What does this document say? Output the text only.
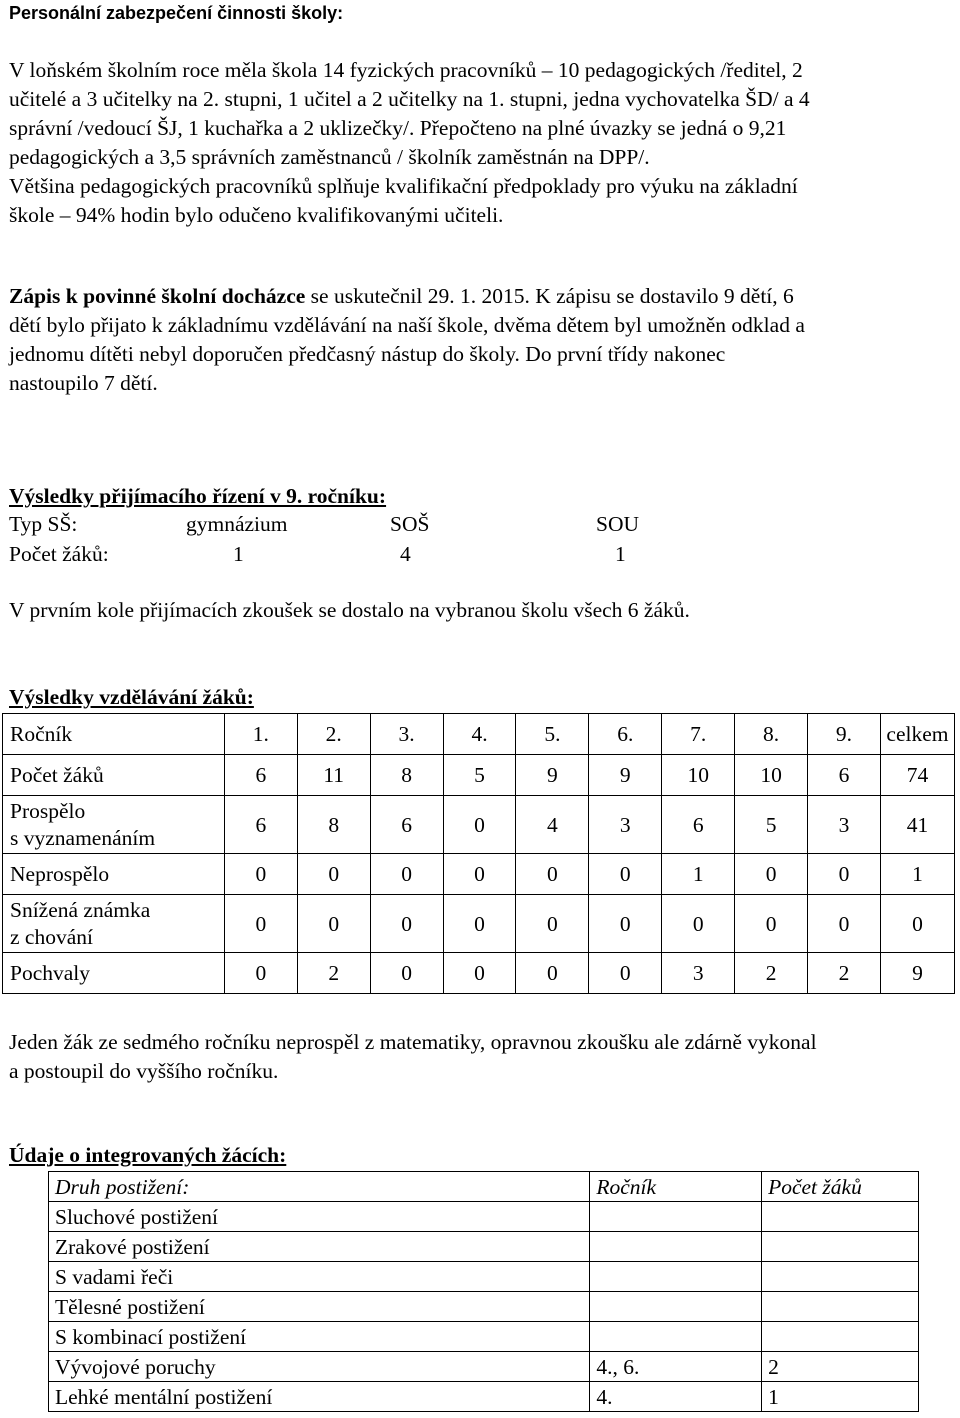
Personální zabezpečení činnosti školy:

V loňském školním roce měla škola 14 fyzických pracovníků – 10 pedagogických /ředitel, 2

učitelé a 3 učitelky na 2. stupni, 1 učitel a 2 učitelky na 1. stupni, jedna vychovatelka ŠD/ a 4

správní /vedoucí ŠJ, 1 kuchařka a 2 uklizečky/. Přepočteno na plné úvazky se jedná o 9,21

pedagogických a 3,5 správních zaměstnanců / školník zaměstnán na DPP/.

Většina pedagogických pracovníků splňuje kvalifikační předpoklady pro výuku na základní

škole – 94% hodin bylo odučeno kvalifikovanými učiteli.

Zápis k povinné školní docházce se uskutečnil 29. 1. 2015. K zápisu se dostavilo 9 dětí, 6

dětí bylo přijato k základnímu vzdělávání na naší škole, dvěma dětem byl umožněn odklad a

jednomu dítěti nebyl doporučen předčasný nástup do školy. Do první třídy nakonec

nastoupilo 7 dětí.

Výsledky přijímacího řízení v 9. ročníku:
Typ SŠ:	gymnázium	SOŠ	SOU
Počet žáků:	1	4	1
V prvním kole přijímacích zkoušek se dostalo na vybranou školu všech 6 žáků.
Výsledky vzdělávání žáků:
Ročník	1.	2.	3.	4.	5.	6.	7.	8.	9.	celkem
Počet žáků	6	11	8	5	9	9	10	10	6	74

Prospělo
s vyznamenáním	6	8	6	0	4	3	6	5	3	41
Neprospělo	0	0	0	0	0	0	1	0	0	1

Snížená známka
z chování	0	0	0	0	0	0	0	0	0	0
Pochvaly	0	2	0	0	0	0	3	2	2	9

Jeden žák ze sedmého ročníku neprospěl z matematiky, opravnou zkoušku ale zdárně vykonal

a postoupil do vyššího ročníku.

Údaje o integrovaných žácích:
Druh postižení:	Ročník	Počet žáků
Sluchové postižení		
Zrakové postižení		
S vadami řeči		
Tělesné postižení		
S kombinací postižení		
Vývojové poruchy	4., 6.	2
Lehké mentální postižení	4.	1
